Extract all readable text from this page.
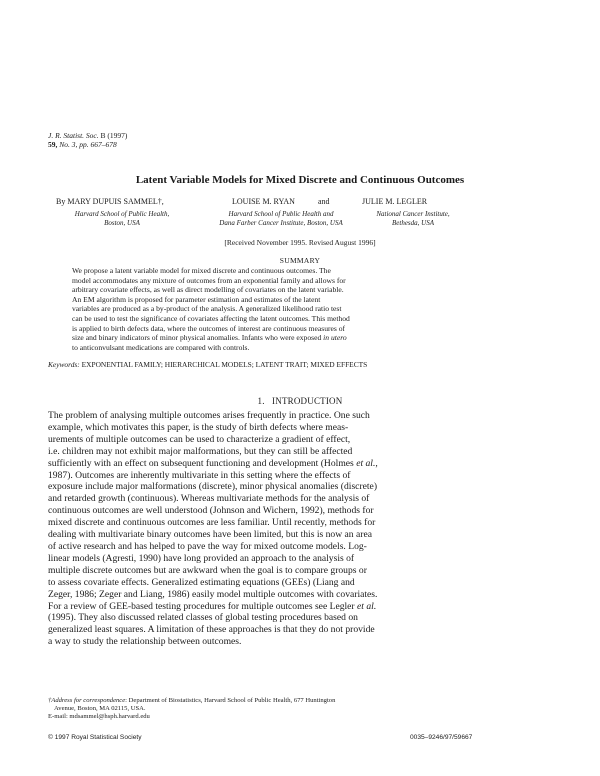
J. R. Statist. Soc. B (1997)
59, No. 3, pp. 667–678
Latent Variable Models for Mixed Discrete and Continuous Outcomes
By MARY DUPUIS SAMMEL†,	LOUISE M. RYAN	and	JULIE M. LEGLER
Harvard School of Public Health,
Boston, USA
Harvard School of Public Health and
Dana Farber Cancer Institute, Boston, USA
National Cancer Institute,
Bethesda, USA
[Received November 1995. Revised August 1996]
SUMMARY

We propose a latent variable model for mixed discrete and continuous outcomes. The

model accommodates any mixture of outcomes from an exponential family and allows for

arbitrary covariate effects, as well as direct modelling of covariates on the latent variable.

An EM algorithm is proposed for parameter estimation and estimates of the latent

variables are produced as a by-product of the analysis. A generalized likelihood ratio test

can be used to test the significance of covariates affecting the latent outcomes. This method

is applied to birth defects data, where the outcomes of interest are continuous measures of

size and binary indicators of minor physical anomalies. Infants who were exposed in utero

to anticonvulsant medications are compared with controls.

Keywords: EXPONENTIAL FAMILY; HIERARCHICAL MODELS; LATENT TRAIT; MIXED EFFECTS
1.   INTRODUCTION

The problem of analysing multiple outcomes arises frequently in practice. One such

example, which motivates this paper, is the study of birth defects where meas-

urements of multiple outcomes can be used to characterize a gradient of effect,

i.e. children may not exhibit major malformations, but they can still be affected

sufficiently with an effect on subsequent functioning and development (Holmes et al.,

1987). Outcomes are inherently multivariate in this setting where the effects of

exposure include major malformations (discrete), minor physical anomalies (discrete)

and retarded growth (continuous). Whereas multivariate methods for the analysis of

continuous outcomes are well understood (Johnson and Wichern, 1992), methods for

mixed discrete and continuous outcomes are less familiar. Until recently, methods for

dealing with multivariate binary outcomes have been limited, but this is now an area

of active research and has helped to pave the way for mixed outcome models. Log-

linear models (Agresti, 1990) have long provided an approach to the analysis of

multiple discrete outcomes but are awkward when the goal is to compare groups or

to assess covariate effects. Generalized estimating equations (GEEs) (Liang and

Zeger, 1986; Zeger and Liang, 1986) easily model multiple outcomes with covariates.

For a review of GEE-based testing procedures for multiple outcomes see Legler et al.

(1995). They also discussed related classes of global testing procedures based on

generalized least squares. A limitation of these approaches is that they do not provide

a way to study the relationship between outcomes.

†Address for correspondence: Department of Biostatistics, Harvard School of Public Health, 677 Huntington
Avenue, Boston, MA 02115, USA.
E-mail: mdsammel@hsph.harvard.edu
© 1997 Royal Statistical Society	0035–9246/97/59667
